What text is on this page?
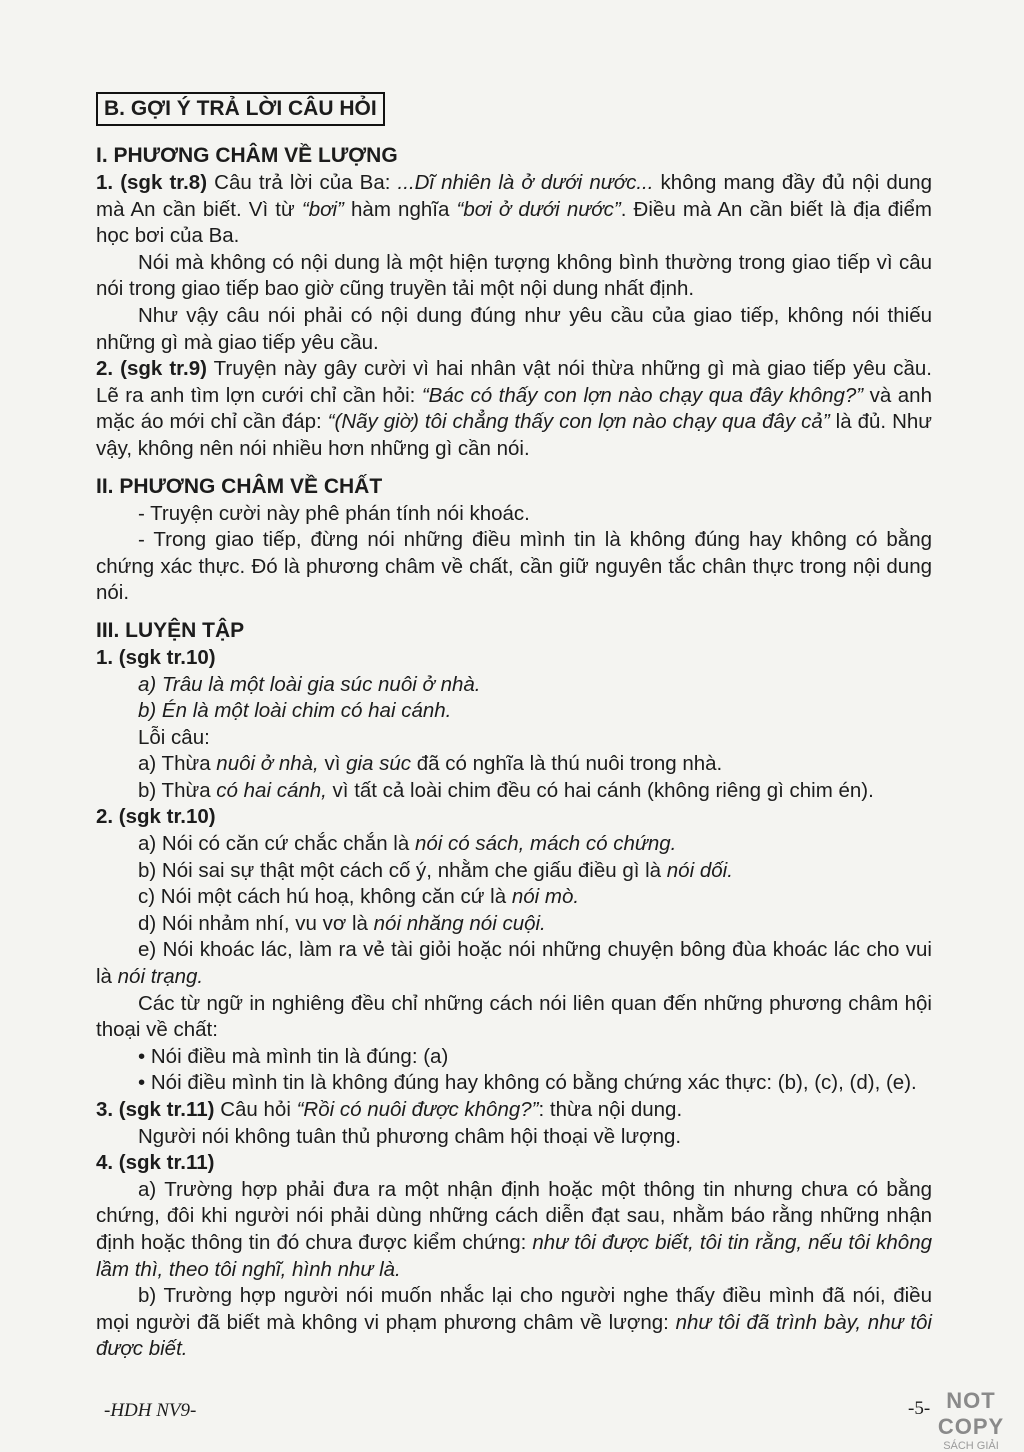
B. GỢI Ý TRẢ LỜI CÂU HỎI
I. PHƯƠNG CHÂM VỀ LƯỢNG

1. (sgk tr.8) Câu trả lời của Ba: ...Dĩ nhiên là ở dưới nước... không mang đầy đủ nội dung mà An cần biết. Vì từ “bơi” hàm nghĩa “bơi ở dưới nước”. Điều mà An cần biết là địa điểm học bơi của Ba.

Nói mà không có nội dung là một hiện tượng không bình thường trong giao tiếp vì câu nói trong giao tiếp bao giờ cũng truyền tải một nội dung nhất định.

Như vậy câu nói phải có nội dung đúng như yêu cầu của giao tiếp, không nói thiếu những gì mà giao tiếp yêu cầu.

2. (sgk tr.9) Truyện này gây cười vì hai nhân vật nói thừa những gì mà giao tiếp yêu cầu. Lẽ ra anh tìm lợn cưới chỉ cần hỏi: “Bác có thấy con lợn nào chạy qua đây không?” và anh mặc áo mới chỉ cần đáp: “(Nãy giờ) tôi chẳng thấy con lợn nào chạy qua đây cả” là đủ. Như vậy, không nên nói nhiều hơn những gì cần nói.

II. PHƯƠNG CHÂM VỀ CHẤT

- Truyện cười này phê phán tính nói khoác.

- Trong giao tiếp, đừng nói những điều mình tin là không đúng hay không có bằng chứng xác thực. Đó là phương châm về chất, cần giữ nguyên tắc chân thực trong nội dung nói.

III. LUYỆN TẬP

1. (sgk tr.10)

a) Trâu là một loài gia súc nuôi ở nhà.

b) Én là một loài chim có hai cánh.

Lỗi câu:

a) Thừa nuôi ở nhà, vì gia súc đã có nghĩa là thú nuôi trong nhà.

b) Thừa có hai cánh, vì tất cả loài chim đều có hai cánh (không riêng gì chim én).

2. (sgk tr.10)

a) Nói có căn cứ chắc chắn là nói có sách, mách có chứng.

b) Nói sai sự thật một cách cố ý, nhằm che giấu điều gì là nói dối.

c) Nói một cách hú hoạ, không căn cứ là nói mò.

d) Nói nhảm nhí, vu vơ là nói nhăng nói cuội.

e) Nói khoác lác, làm ra vẻ tài giỏi hoặc nói những chuyện bông đùa khoác lác cho vui là nói trạng.

Các từ ngữ in nghiêng đều chỉ những cách nói liên quan đến những phương châm hội thoại về chất:

• Nói điều mà mình tin là đúng: (a)

• Nói điều mình tin là không đúng hay không có bằng chứng xác thực: (b), (c), (d), (e).

3. (sgk tr.11) Câu hỏi “Rồi có nuôi được không?”: thừa nội dung.

Người nói không tuân thủ phương châm hội thoại về lượng.

4. (sgk tr.11)

a) Trường hợp phải đưa ra một nhận định hoặc một thông tin nhưng chưa có bằng chứng, đôi khi người nói phải dùng những cách diễn đạt sau, nhằm báo rằng những nhận định hoặc thông tin đó chưa được kiểm chứng: như tôi được biết, tôi tin rằng, nếu tôi không lầm thì, theo tôi nghĩ, hình như là.

b) Trường hợp người nói muốn nhắc lại cho người nghe thấy điều mình đã nói, điều mọi người đã biết mà không vi phạm phương châm về lượng: như tôi đã trình bày, như tôi được biết.

-HDH NV9-	-5- NOT COPY
SÁCH GIẢI
